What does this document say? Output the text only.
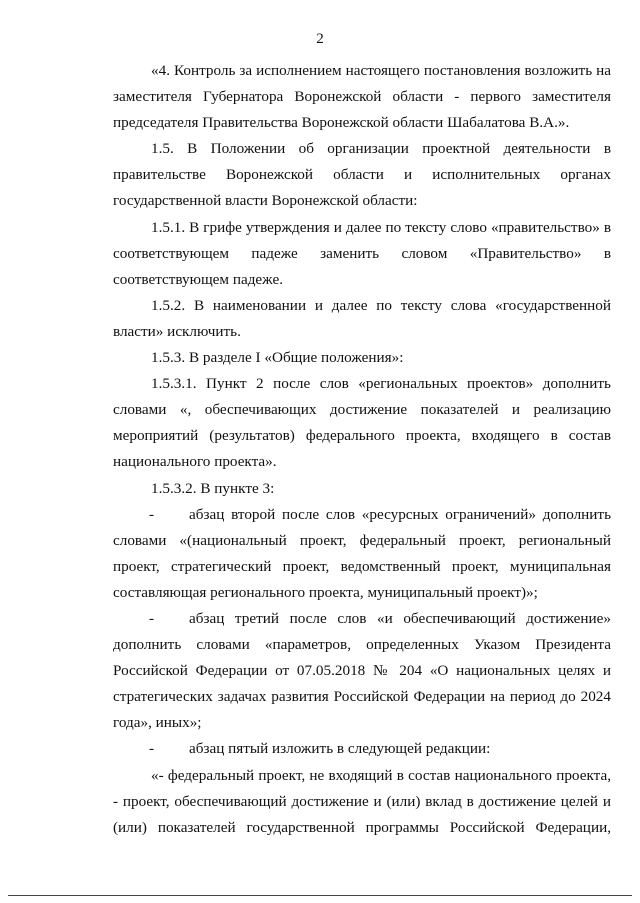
2

«4. Контроль за исполнением настоящего постановления возложить на заместителя Губернатора Воронежской области - первого заместителя председателя Правительства Воронежской области Шабалатова В.А.».

1.5. В Положении об организации проектной деятельности в правительстве Воронежской области и исполнительных органах государственной власти Воронежской области:

1.5.1. В грифе утверждения и далее по тексту слово «правительство» в соответствующем падеже заменить словом «Правительство» в соответствующем падеже.

1.5.2. В наименовании и далее по тексту слова «государственной власти» исключить.

1.5.3. В разделе I «Общие положения»:

1.5.3.1. Пункт 2 после слов «региональных проектов» дополнить словами «, обеспечивающих достижение показателей и реализацию мероприятий (результатов) федерального проекта, входящего в состав национального проекта».

1.5.3.2. В пункте 3:

- абзац второй после слов «ресурсных ограничений» дополнить словами «(национальный проект, федеральный проект, региональный проект, стратегический проект, ведомственный проект, муниципальная составляющая регионального проекта, муниципальный проект)»;

- абзац третий после слов «и обеспечивающий достижение» дополнить словами «параметров, определенных Указом Президента Российской Федерации от 07.05.2018 № 204 «О национальных целях и стратегических задачах развития Российской Федерации на период до 2024 года», иных»;

- абзац пятый изложить в следующей редакции:

«- федеральный проект, не входящий в состав национального проекта, - проект, обеспечивающий достижение и (или) вклад в достижение целей и (или) показателей государственной программы Российской Федерации,
